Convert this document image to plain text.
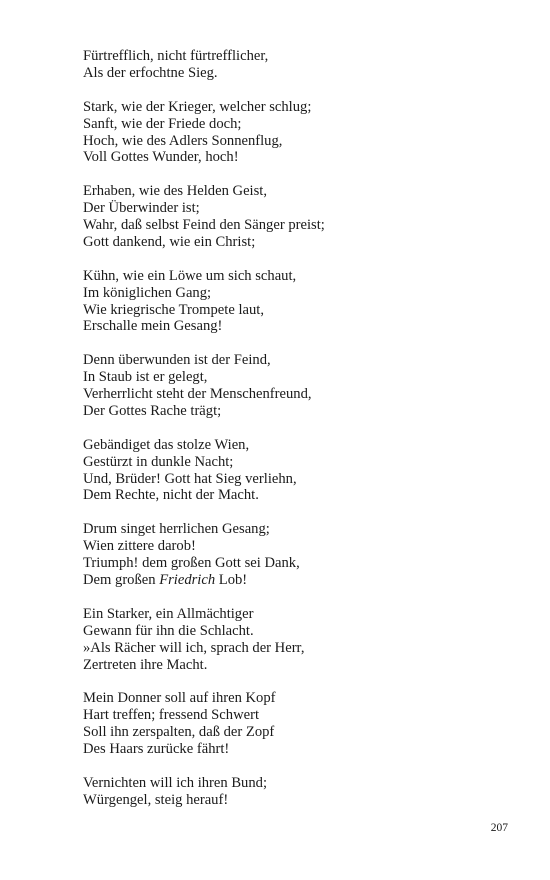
Fürtrefflich, nicht fürtrefflicher,
Als der erfochtne Sieg.
Stark, wie der Krieger, welcher schlug;
Sanft, wie der Friede doch;
Hoch, wie des Adlers Sonnenflug,
Voll Gottes Wunder, hoch!
Erhaben, wie des Helden Geist,
Der Überwinder ist;
Wahr, daß selbst Feind den Sänger preist;
Gott dankend, wie ein Christ;
Kühn, wie ein Löwe um sich schaut,
Im königlichen Gang;
Wie kriegrische Trompete laut,
Erschalle mein Gesang!
Denn überwunden ist der Feind,
In Staub ist er gelegt,
Verherrlicht steht der Menschenfreund,
Der Gottes Rache trägt;
Gebändiget das stolze Wien,
Gestürzt in dunkle Nacht;
Und, Brüder! Gott hat Sieg verliehn,
Dem Rechte, nicht der Macht.
Drum singet herrlichen Gesang;
Wien zittere darob!
Triumph! dem großen Gott sei Dank,
Dem großen Friedrich Lob!
Ein Starker, ein Allmächtiger
Gewann für ihn die Schlacht.
»Als Rächer will ich, sprach der Herr,
Zertreten ihre Macht.
Mein Donner soll auf ihren Kopf
Hart treffen; fressend Schwert
Soll ihn zerspalten, daß der Zopf
Des Haars zurücke fährt!
Vernichten will ich ihren Bund;
Würgengel, steig herauf!
207
